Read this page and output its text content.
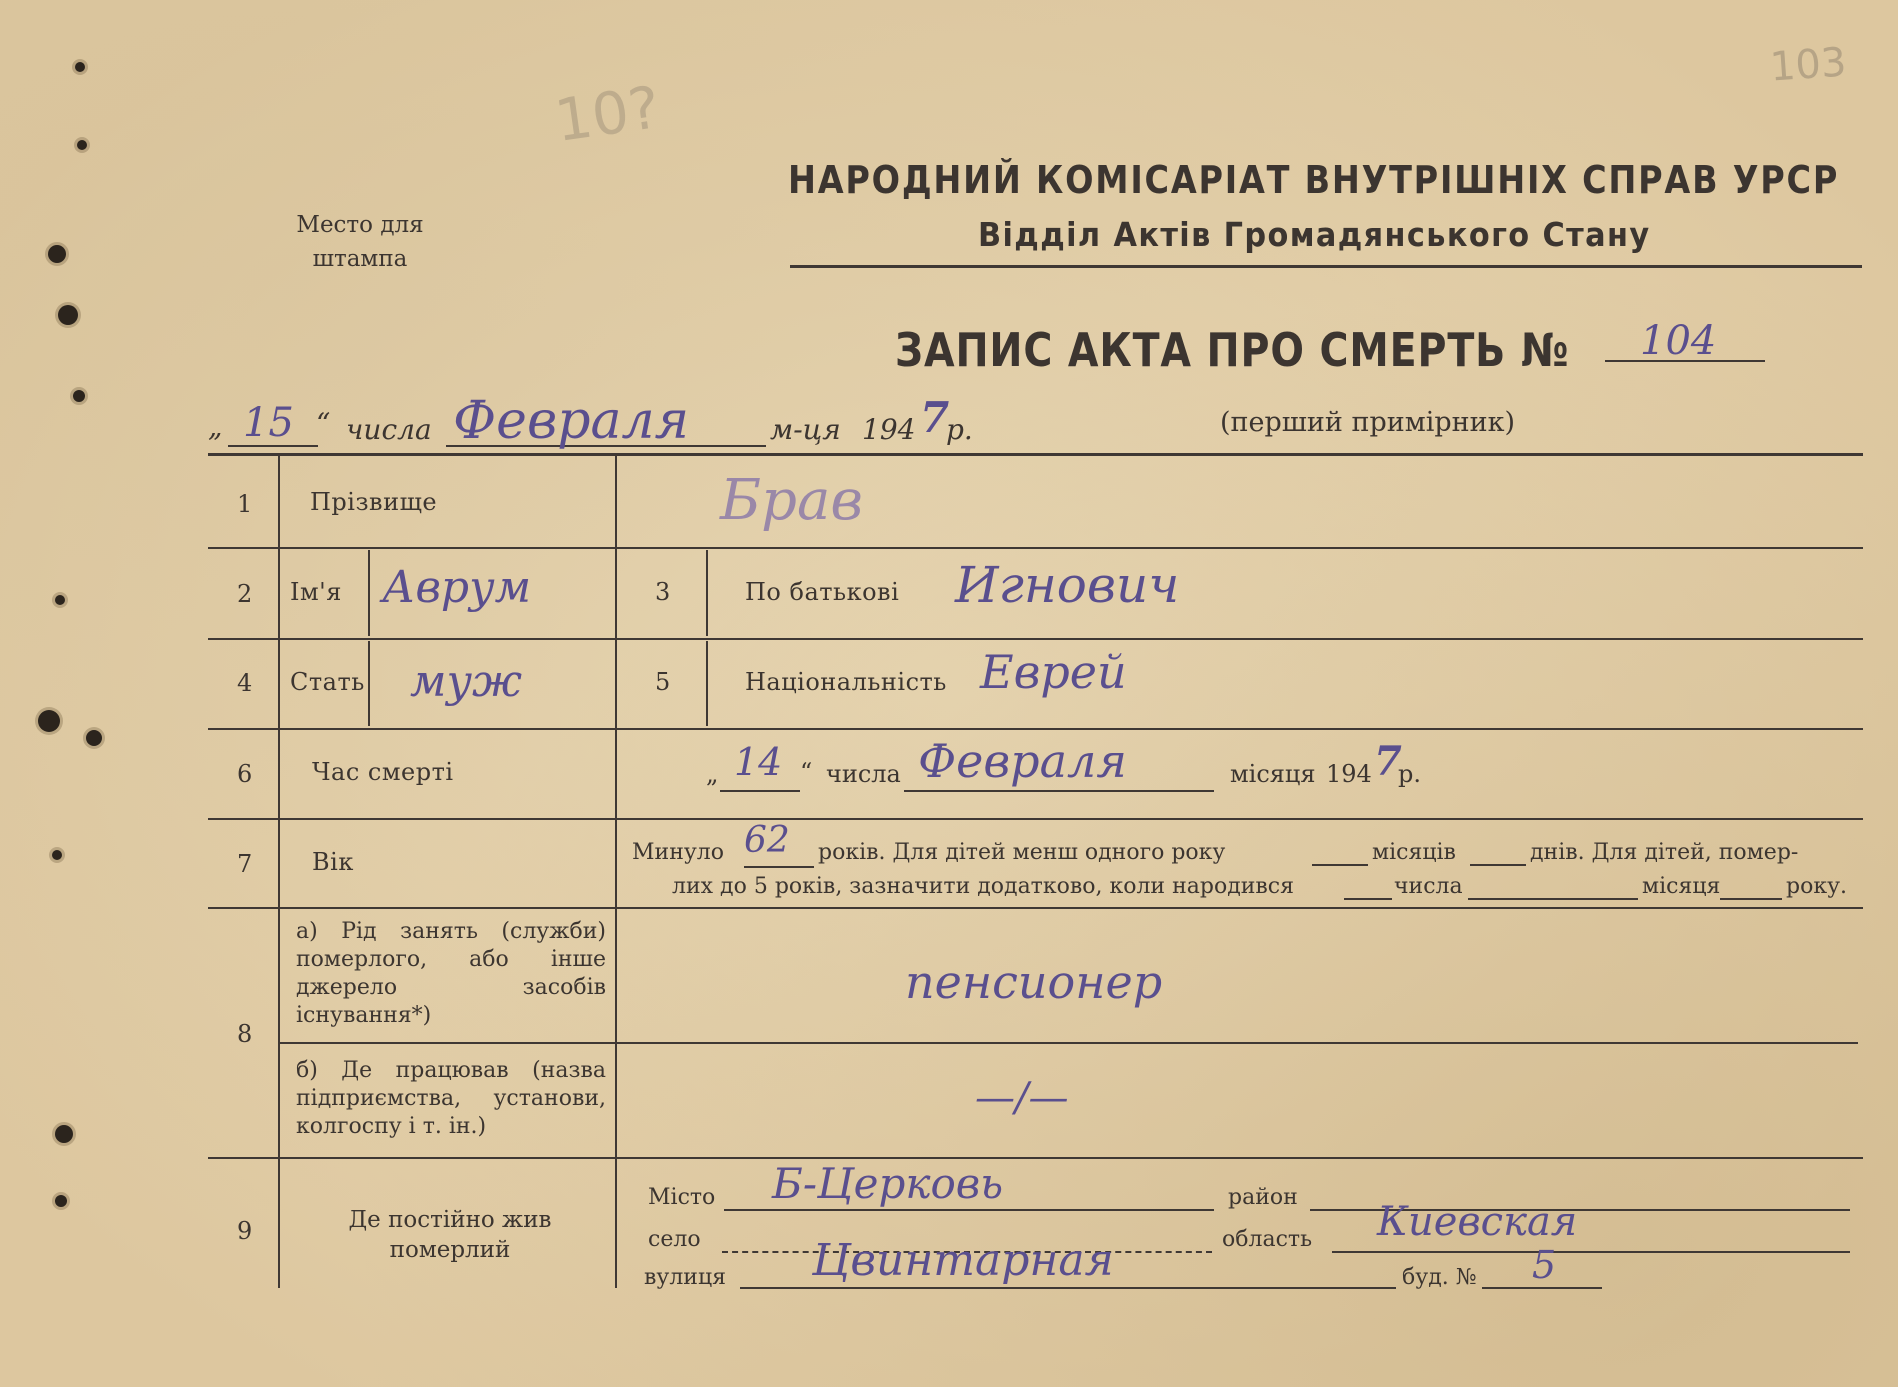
10?
103
Место для
штампа
НАРОДНИЙ КОМІСАРІАТ ВНУТРІШНІХ СПРАВ УРСР
Відділ Актів Громадянського Стану
ЗАПИС АКТА ПРО СМЕРТЬ № 104
„ 15 “ числа Февраля	м-ця 194 7
р.	(перший примірник)
1 Прізвище	Брав
2 Ім'я Аврум	3	По батькові Игнович
4 Стать муж	5	Національність Еврей
6 Час смерті	„ 14 “ числа Февраля	місяця 194 7
р.
7 Вік	Минуло 62 років. Для дітей менш одного року	місяців	днів. Для дітей, помер-
лих до 5 років, зазначити додатково, коли народився	числа	місяця	року.
8
а) Рід занять (служби) померлого, або інше джерело засобів існування*)
пенсионер
б) Де працював (назва підприємства, установи, колгоспу і т. ін.)
—/—
9	Де постійно жив померлий
Місто Б-Церковь	район
село	область Киевская
вулиця Цвинтарная	буд. № 5
